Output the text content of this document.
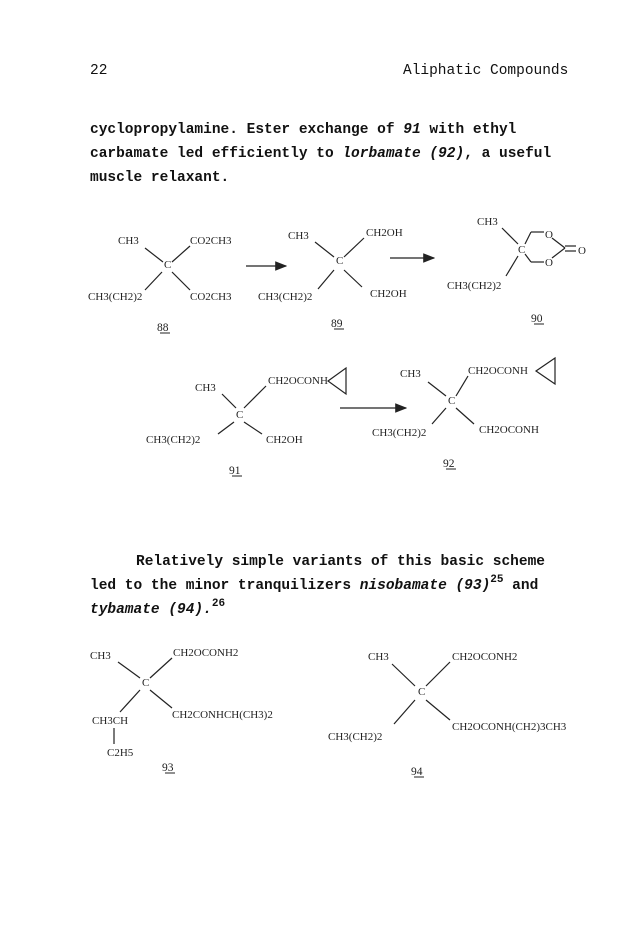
22	Aliphatic Compounds
cyclopropylamine. Ester exchange of 91 with ethyl carbamate led efficiently to lorbamate (92), a useful muscle relaxant.
Relatively simple variants of this basic scheme led to the minor tranquilizers nisobamate $(93)^{25}$ and tybamate (94).$^{26}$
CH3	CO2CH3
C
CH3(CH2)2	CO2CH3
88
CH3	CH2OH
C
CH3(CH2)2	CH2OH
89
CH3
C
O
O
O
CH3(CH2)2
90
CH3
CH2OCONH
C
CH3(CH2)2	CH2OH
91
CH3	CH2OCONH
C
CH3(CH2)2	CH2OCONH
92
CH3	CH2OCONH2
C
CH3CH
C2H5
CH2CONHCH(CH3)2
93
CH3	CH2OCONH2
C
CH3(CH2)2
CH2OCONH(CH2)3CH3
94
